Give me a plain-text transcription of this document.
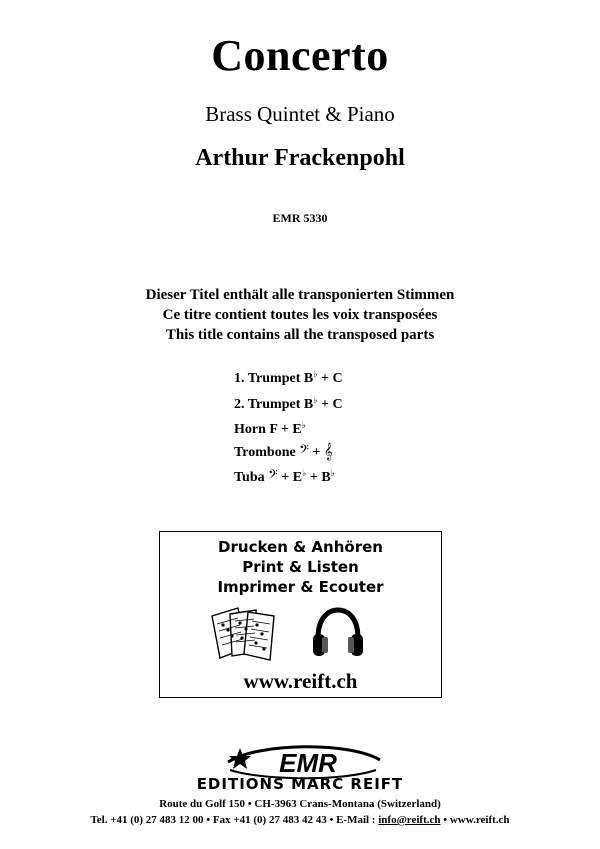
Concerto
Brass Quintet & Piano
Arthur Frackenpohl
EMR 5330
Dieser Titel enthält alle transponierten Stimmen
Ce titre contient toutes les voix transposées
This title contains all the transposed parts
1. Trumpet B♭ + C
2. Trumpet B♭ + C
Horn F + E♭
Trombone 𝄢 + 𝄞
Tuba 𝄢 + E♭ + B♭
Drucken & Anhören
Print & Listen
Imprimer & Ecouter
www.reift.ch
EMR
EDITIONS MARC REIFT
Route du Golf 150 • CH-3963 Crans-Montana (Switzerland)
Tel. +41 (0) 27 483 12 00 • Fax +41 (0) 27 483 42 43 • E-Mail : info@reift.ch • www.reift.ch
